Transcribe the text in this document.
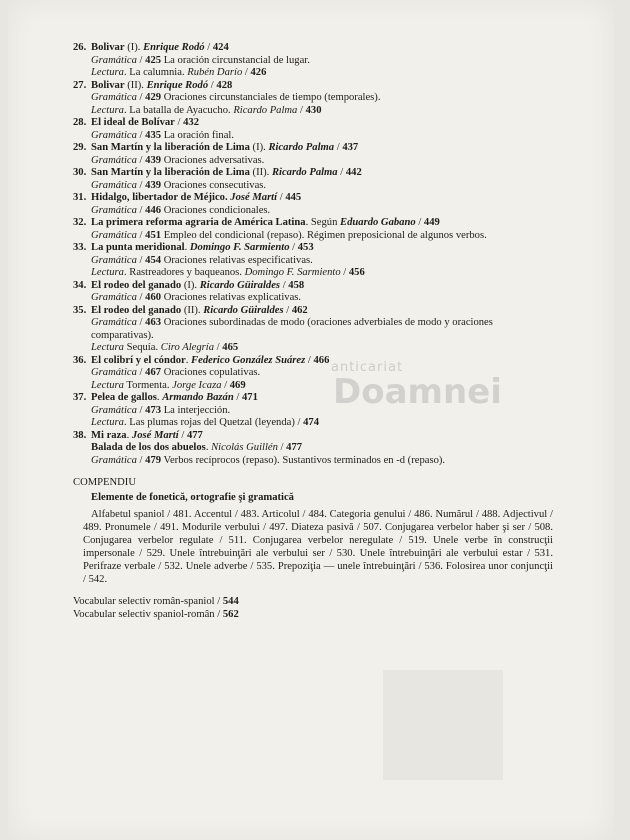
anticariat
Doamnei
26. Bolivar (I). Enrique Rodó / 424
Gramática / 425 La oración circunstancial de lugar.
Lectura. La calumnia. Rubén Darío / 426
27. Bolivar (II). Enrique Rodó / 428
Gramática / 429 Oraciones circunstanciales de tiempo (temporales).
Lectura. La batalla de Ayacucho. Ricardo Palma / 430
28. El ideal de Bolívar / 432
Gramática / 435 La oración final.
29. San Martín y la liberación de Lima (I). Ricardo Palma / 437
Gramática / 439 Oraciones adversativas.
30. San Martín y la liberación de Lima (II). Ricardo Palma / 442
Gramática / 439 Oraciones consecutivas.
31. Hidalgo, libertador de Méjico. José Martí / 445
Gramática / 446 Oraciones condicionales.
32. La primera reforma agraria de América Latina. Según Eduardo Gabano / 449
Gramática / 451 Empleo del condicional (repaso). Régimen preposicional de algunos verbos.
33. La punta meridional. Domingo F. Sarmiento / 453
Gramática / 454 Oraciones relativas especificativas.
Lectura. Rastreadores y baqueanos. Domingo F. Sarmiento / 456
34. El rodeo del ganado (I). Ricardo Güiraldes / 458
Gramática / 460 Oraciones relativas explicativas.
35. El rodeo del ganado (II). Ricardo Güiraldes / 462
Gramática / 463 Oraciones subordinadas de modo (oraciones adverbiales de modo y oraciones comparativas).
Lectura Sequía. Ciro Alegría / 465
36. El colibrí y el cóndor. Federico González Suárez / 466
Gramática / 467 Oraciones copulativas.
Lectura Tormenta. Jorge Icaza / 469
37. Pelea de gallos. Armando Bazán / 471
Gramática / 473 La interjección.
Lectura. Las plumas rojas del Quetzal (leyenda) / 474
38. Mi raza. José Martí / 477
Balada de los dos abuelos. Nicolás Guillén / 477
Gramática / 479 Verbos recíprocos (repaso). Sustantivos terminados en -d (repaso).
COMPENDIU
Elemente de fonetică, ortografie şi gramatică
Alfabetul spaniol / 481. Accentul / 483. Articolul / 484. Categoria genului / 486. Numărul / 488. Adjectivul / 489. Pronumele / 491. Modurile verbului / 497. Diateza pasivă / 507. Conjugarea verbelor haber şi ser / 508. Conjugarea verbelor regulate / 511. Conjugarea verbelor neregulate / 519. Unele verbe în construcţii impersonale / 529. Unele întrebuinţări ale verbului ser / 530. Unele întrebuinţări ale verbului estar / 531. Perifraze verbale / 532. Unele adverbe / 535. Prepoziţia — unele întrebuinţări / 536. Folosirea unor conjuncţii / 542.
Vocabular selectiv român-spaniol / 544
Vocabular selectiv spaniol-român / 562
